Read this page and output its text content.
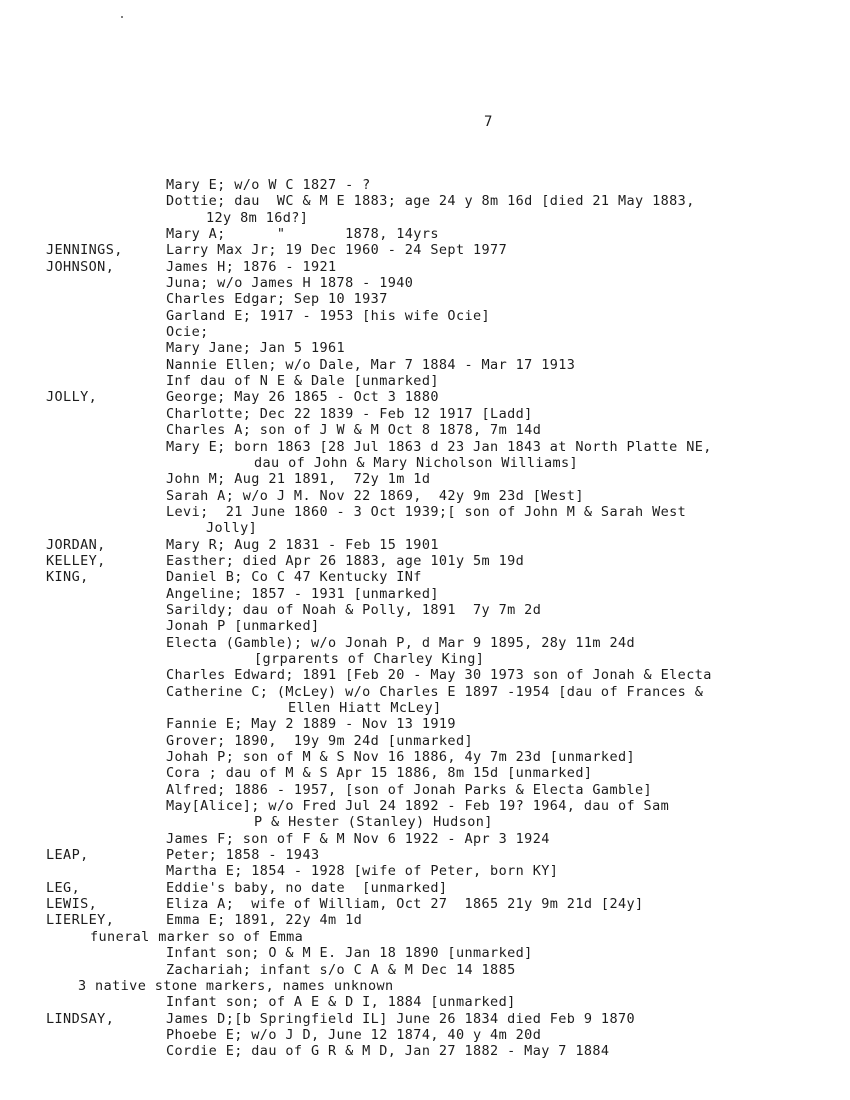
7
Mary E; w/o W C 1827 - ?
Dottie; dau  WC & M E 1883; age 24 y 8m 16d [died 21 May 1883,
12y 8m 16d?]
Mary A;      "       1878, 14yrs
JENNINGS,	Larry Max Jr; 19 Dec 1960 - 24 Sept 1977
JOHNSON,	James H; 1876 - 1921
Juna; w/o James H 1878 - 1940
Charles Edgar; Sep 10 1937
Garland E; 1917 - 1953 [his wife Ocie]
Ocie;
Mary Jane; Jan 5 1961
Nannie Ellen; w/o Dale, Mar 7 1884 - Mar 17 1913
Inf dau of N E & Dale [unmarked]
JOLLY,	George; May 26 1865 - Oct 3 1880
Charlotte; Dec 22 1839 - Feb 12 1917 [Ladd]
Charles A; son of J W & M Oct 8 1878, 7m 14d
Mary E; born 1863 [28 Jul 1863 d 23 Jan 1843 at North Platte NE,
dau of John & Mary Nicholson Williams]
John M; Aug 21 1891,  72y 1m 1d
Sarah A; w/o J M. Nov 22 1869,  42y 9m 23d [West]
Levi;  21 June 1860 - 3 Oct 1939;[ son of John M & Sarah West
Jolly]
JORDAN,	Mary R; Aug 2 1831 - Feb 15 1901
KELLEY,	Easther; died Apr 26 1883, age 101y 5m 19d
KING,	Daniel B; Co C 47 Kentucky INf
Angeline; 1857 - 1931 [unmarked]
Sarildy; dau of Noah & Polly, 1891  7y 7m 2d
Jonah P [unmarked]
Electa (Gamble); w/o Jonah P, d Mar 9 1895, 28y 11m 24d
[grparents of Charley King]
Charles Edward; 1891 [Feb 20 - May 30 1973 son of Jonah & Electa
Catherine C; (McLey) w/o Charles E 1897 -1954 [dau of Frances &
Ellen Hiatt McLey]
Fannie E; May 2 1889 - Nov 13 1919
Grover; 1890,  19y 9m 24d [unmarked]
Johah P; son of M & S Nov 16 1886, 4y 7m 23d [unmarked]
Cora ; dau of M & S Apr 15 1886, 8m 15d [unmarked]
Alfred; 1886 - 1957, [son of Jonah Parks & Electa Gamble]
May[Alice]; w/o Fred Jul 24 1892 - Feb 19? 1964, dau of Sam
P & Hester (Stanley) Hudson]
James F; son of F & M Nov 6 1922 - Apr 3 1924
LEAP,	Peter; 1858 - 1943
Martha E; 1854 - 1928 [wife of Peter, born KY]
LEG,	Eddie's baby, no date  [unmarked]
LEWIS,	Eliza A;  wife of William, Oct 27  1865 21y 9m 21d [24y]
LIERLEY,	Emma E; 1891, 22y 4m 1d
funeral marker so of Emma
Infant son; O & M E. Jan 18 1890 [unmarked]
Zachariah; infant s/o C A & M Dec 14 1885
3 native stone markers, names unknown
Infant son; of A E & D I, 1884 [unmarked]
LINDSAY,	James D;[b Springfield IL] June 26 1834 died Feb 9 1870
Phoebe E; w/o J D, June 12 1874, 40 y 4m 20d
Cordie E; dau of G R & M D, Jan 27 1882 - May 7 1884
